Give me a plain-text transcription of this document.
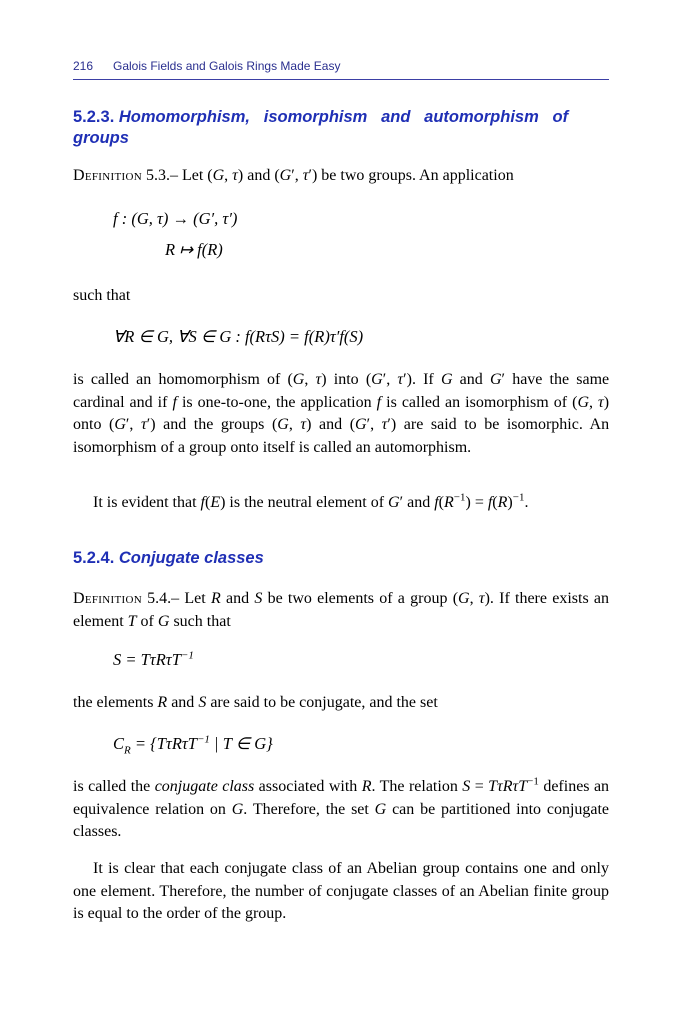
216 Galois Fields and Galois Rings Made Easy
5.2.3. Homomorphism,   isomorphism   and   automorphism   of
groups
Definition 5.3.– Let (G, τ) and (G′, τ′) be two groups. An application
f : (G, τ) → (G′, τ′)
R ↦ f(R)
such that
∀R ∈ G, ∀S ∈ G : f(RτS) = f(R)τ′f(S)
is called an homomorphism of (G, τ) into (G′, τ′). If G and G′ have the same cardinal and if f is one-to-one, the application f is called an isomorphism of (G, τ) onto (G′, τ′) and the groups (G, τ) and (G′, τ′) are said to be isomorphic. An isomorphism of a group onto itself is called an automorphism.
It is evident that f(E) is the neutral element of G′ and $f(R^{-1}) = f(R)^{-1}$.
5.2.4. Conjugate classes
Definition 5.4.– Let R and S be two elements of a group (G, τ). If there exists an element T of G such that
S = TτRτT$^{-1}$
the elements R and S are said to be conjugate, and the set
$C_R = \{T\tau R\tau T^{-1}$ | T ∈ G}
is called the conjugate class associated with R. The relation S = TτRτT$^{-1}$ defines an equivalence relation on G. Therefore, the set G can be partitioned into conjugate classes.
It is clear that each conjugate class of an Abelian group contains one and only one element. Therefore, the number of conjugate classes of an Abelian finite group is equal to the order of the group.
